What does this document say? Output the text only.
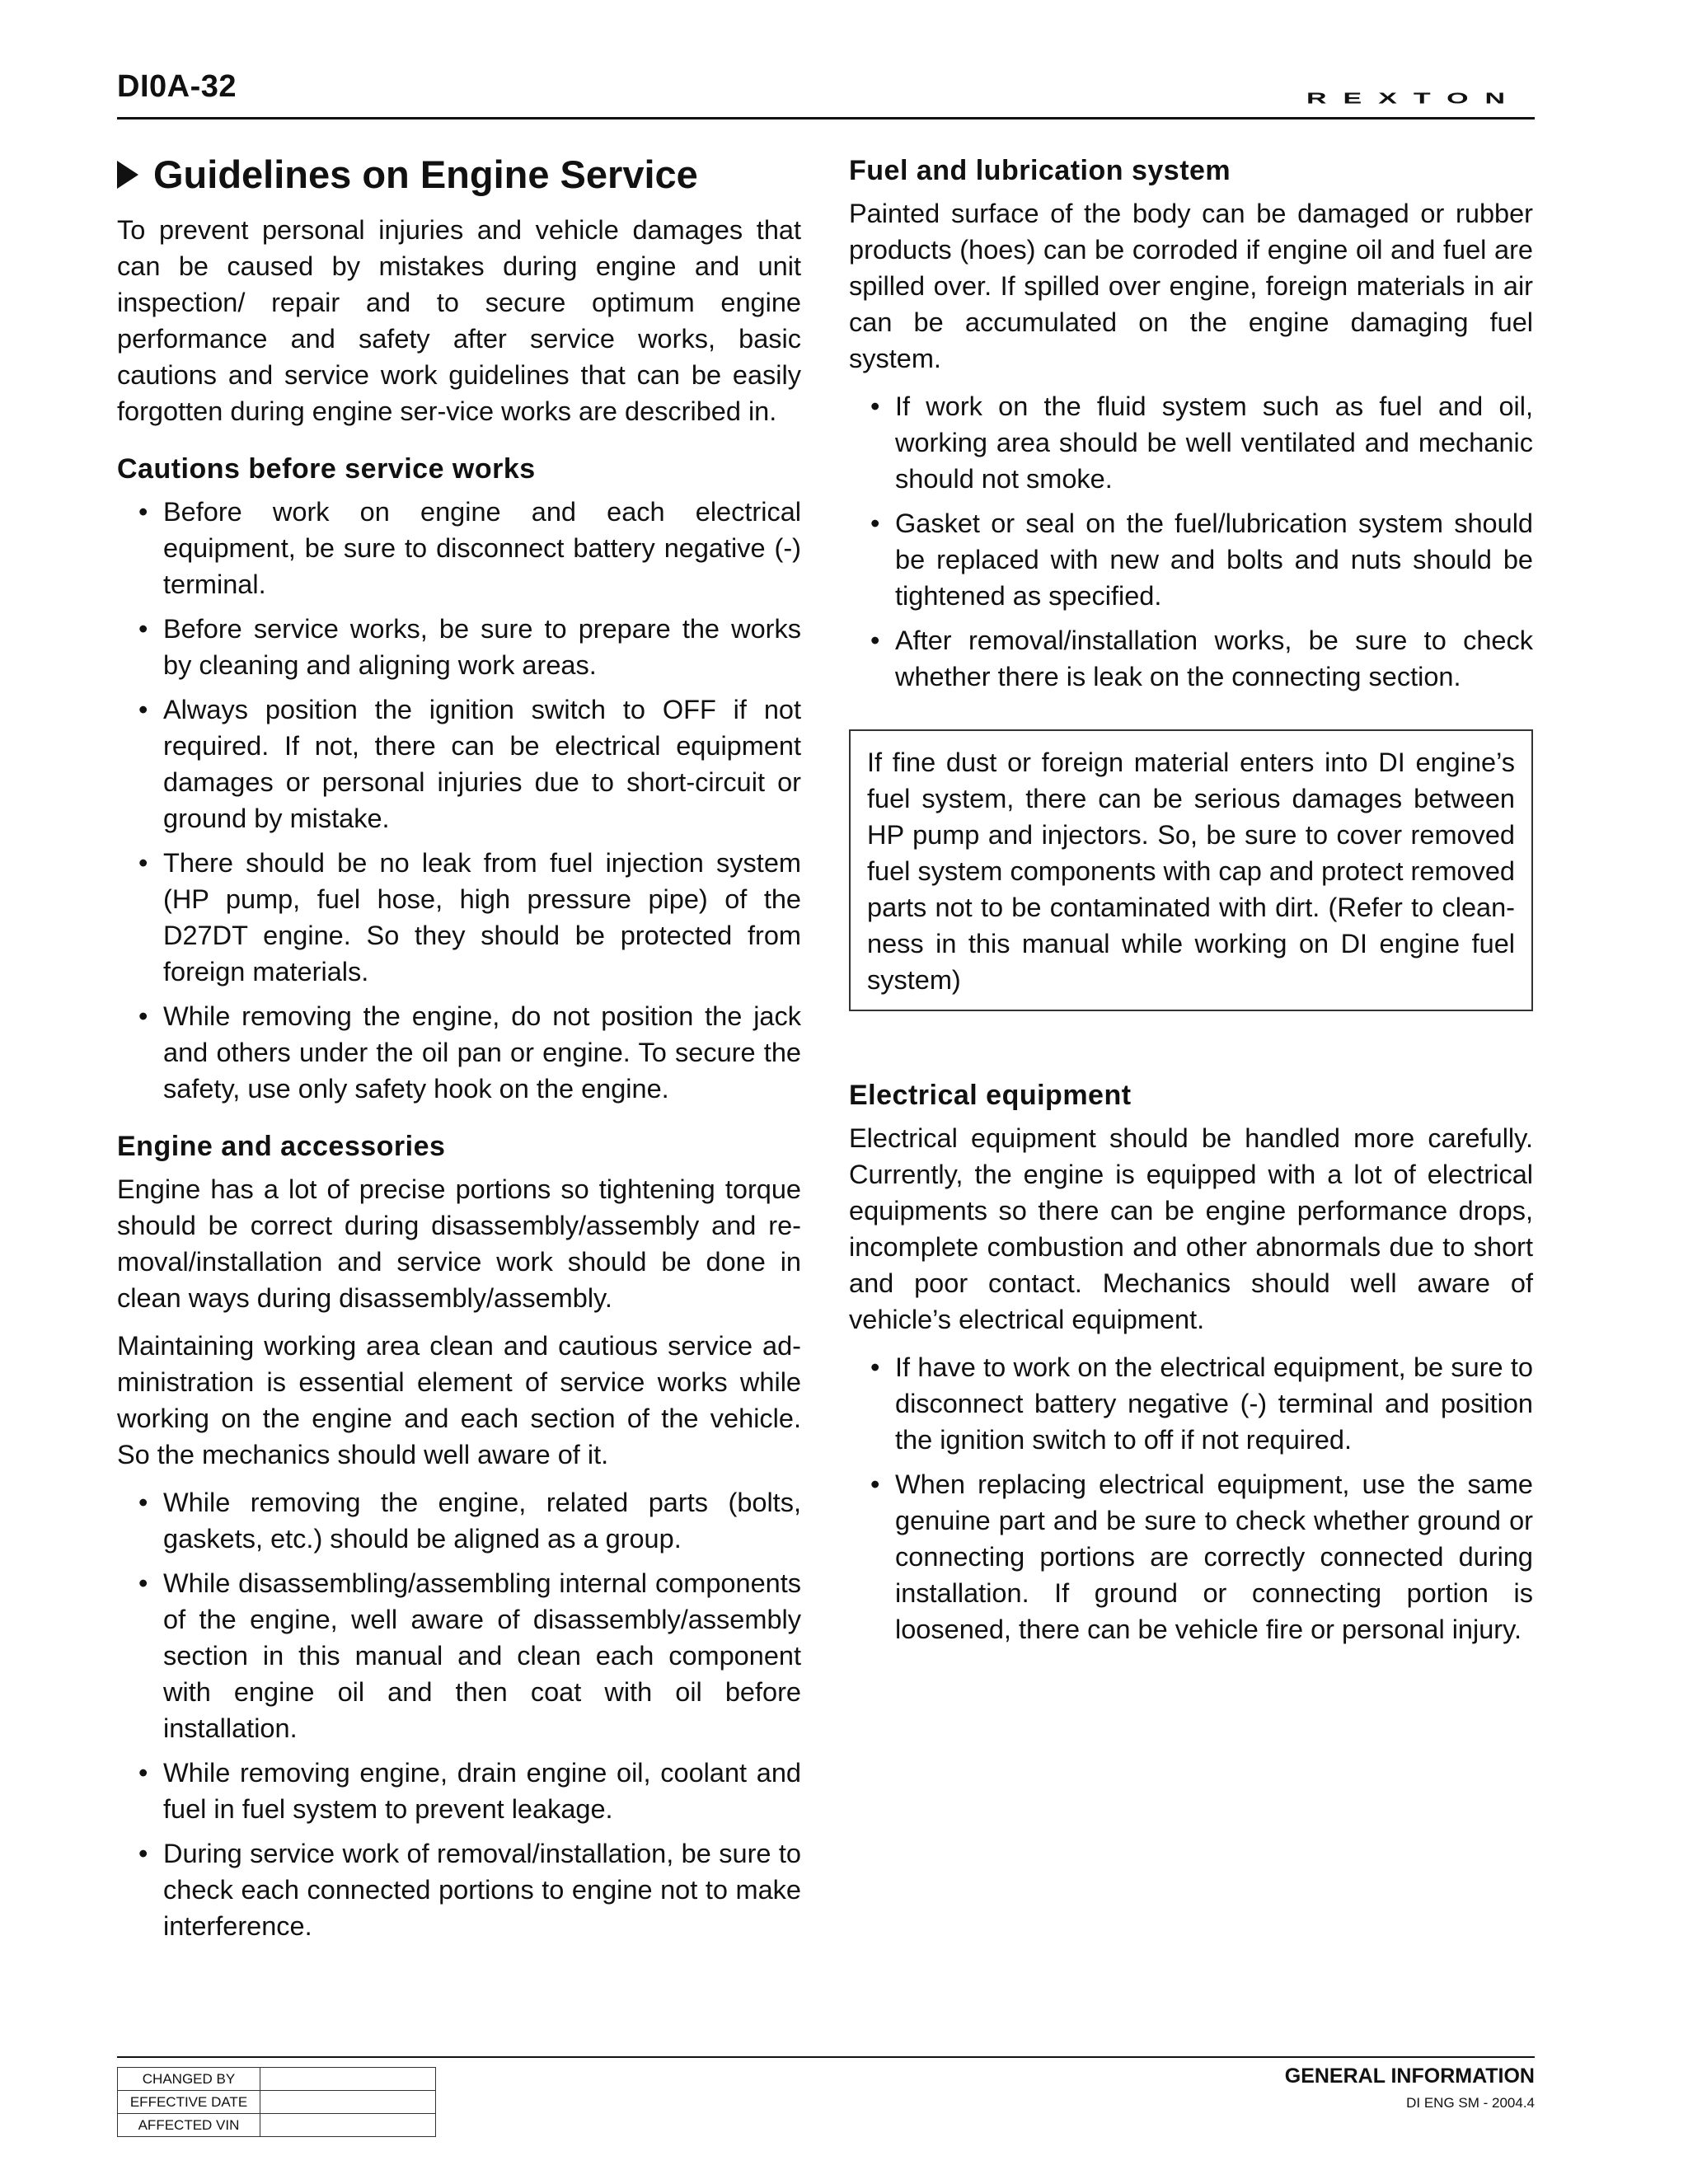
DI0A-32	REXTON
Guidelines on Engine Service

To prevent personal injuries and vehicle damages that can be caused by mistakes during engine and unit inspection/ repair and to secure optimum engine performance and safety after service works, basic cautions and service work guidelines that can be easily forgotten during engine ser-vice works are described in.

Cautions before service works
• Before work on engine and each electrical equipment, be sure to disconnect battery negative (-) terminal.
• Before service works, be sure to prepare the works by cleaning and aligning work areas.
• Always position the ignition switch to OFF if not required. If not, there can be electrical equipment damages or personal injuries due to short-circuit or ground by mistake.
• There should be no leak from fuel injection system (HP pump, fuel hose, high pressure pipe) of the D27DT engine. So they should be protected from foreign materials.
• While removing the engine, do not position the jack and others under the oil pan or engine. To secure the safety, use only safety hook on the engine.
Engine and accessories

Engine has a lot of precise portions so tightening torque should be correct during disassembly/assembly and re-moval/installation and service work should be done in clean ways during disassembly/assembly.

Maintaining working area clean and cautious service ad-ministration is essential element of service works while working on the engine and each section of the vehicle. So the mechanics should well aware of it.

• While removing the engine, related parts (bolts, gaskets, etc.) should be aligned as a group.
• While disassembling/assembling internal components of the engine, well aware of disassembly/assembly section in this manual and clean each component with engine oil and then coat with oil before installation.
• While removing engine, drain engine oil, coolant and fuel in fuel system to prevent leakage.
• During service work of removal/installation, be sure to check each connected portions to engine not to make interference.
Fuel and lubrication system

Painted surface of the body can be damaged or rubber products (hoes) can be corroded if engine oil and fuel are spilled over. If spilled over engine, foreign materials in air can be accumulated on the engine damaging fuel system.

• If work on the fluid system such as fuel and oil, working area should be well ventilated and mechanic should not smoke.
• Gasket or seal on the fuel/lubrication system should be replaced with new and bolts and nuts should be tightened as specified.
• After removal/installation works, be sure to check whether there is leak on the connecting section.

If fine dust or foreign material enters into DI engine’s fuel system, there can be serious damages between HP pump and injectors. So, be sure to cover removed fuel system components with cap and protect removed parts not to be contaminated with dirt. (Refer to clean-ness in this manual while working on DI engine fuel system)

Electrical equipment

Electrical equipment should be handled more carefully. Currently, the engine is equipped with a lot of electrical equipments so there can be engine performance drops, incomplete combustion and other abnormals due to short and poor contact. Mechanics should well aware of vehicle’s electrical equipment.

• If have to work on the electrical equipment, be sure to disconnect battery negative (-) terminal and position the ignition switch to off if not required.
• When replacing electrical equipment, use the same genuine part and be sure to check whether ground or connecting portions are correctly connected during installation. If ground or connecting portion is loosened, there can be vehicle fire or personal injury.
CHANGED BY	
EFFECTIVE DATE	
AFFECTED VIN	
GENERAL INFORMATION
DI ENG SM - 2004.4
